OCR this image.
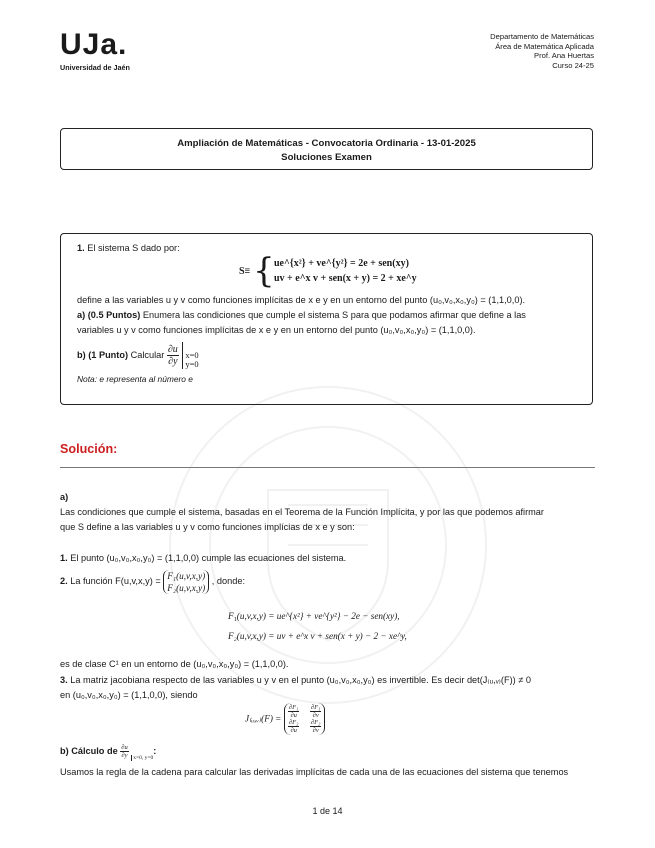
UJa.
Universidad de Jaén
Departamento de Matemáticas
Área de Matemática Aplicada
Prof. Ana Huertas
Curso 24-25
Ampliación de Matemáticas - Convocatoria Ordinaria - 13-01-2025
Soluciones Examen
1. El sistema S dado por:
S≡ { ue^{x²} + ve^{y²} = 2e + sen(xy)
uv + e^x v + sen(x + y) = 2 + xe^y
define a las variables u y v como funciones implícitas de x e y en un entorno del punto (u₀,v₀,x₀,y₀) = (1,1,0,0).
a) (0.5 Puntos) Enumera las condiciones que cumple el sistema S para que podamos afirmar que define a las
variables u y v como funciones implícitas de x e y en un entorno del punto (u₀,v₀,x₀,y₀) = (1,1,0,0).
b) (1 Punto) Calcular $\frac{\partial u}{\partial y}$

x=0
y=0
Nota: e representa al número e
Solución:
a)
Las condiciones que cumple el sistema, basadas en el Teorema de la Función Implícita, y por las que podemos afirmar
que S define a las variables u y v como funciones implícias de x e y son:
1. El punto (u₀,v₀,x₀,y₀) = (1,1,0,0) cumple las ecuaciones del sistema.
2. La función F(u,v,x,y) =
F₁(u,v,x,y)
F₂(u,v,x,y)
, donde:
F₁(u,v,x,y) = ue^{x²} + ve^{y²} − 2e − sen(xy),
F₂(u,v,x,y) = uv + e^x v + sen(x + y) − 2 − xe^y,
es de clase C¹ en un entorno de (u₀,v₀,x₀,y₀) = (1,1,0,0).
3. La matriz jacobiana respecto de las variables u y v en el punto (u₀,v₀,x₀,y₀) es invertible. Es decir det(J₍ᵤ,ᵥ₎(F)) ≠ 0
en (u₀,v₀,x₀,y₀) = (1,1,0,0), siendo
J₍ᵤ,ᵥ₎(F) = $\frac{\text{∂F₁}}{\partial u}$
$\frac{\text{∂F₁}}{\partial v}$
$\frac{\text{∂F₂}}{\partial u}$
$\frac{\text{∂F₂}}{\partial v}$
b) Cálculo de $\frac{\partial u}{\partial y} x=0$, y=0:
Usamos la regla de la cadena para calcular las derivadas implícitas de cada una de las ecuaciones del sistema que tenemos
1 de 14
